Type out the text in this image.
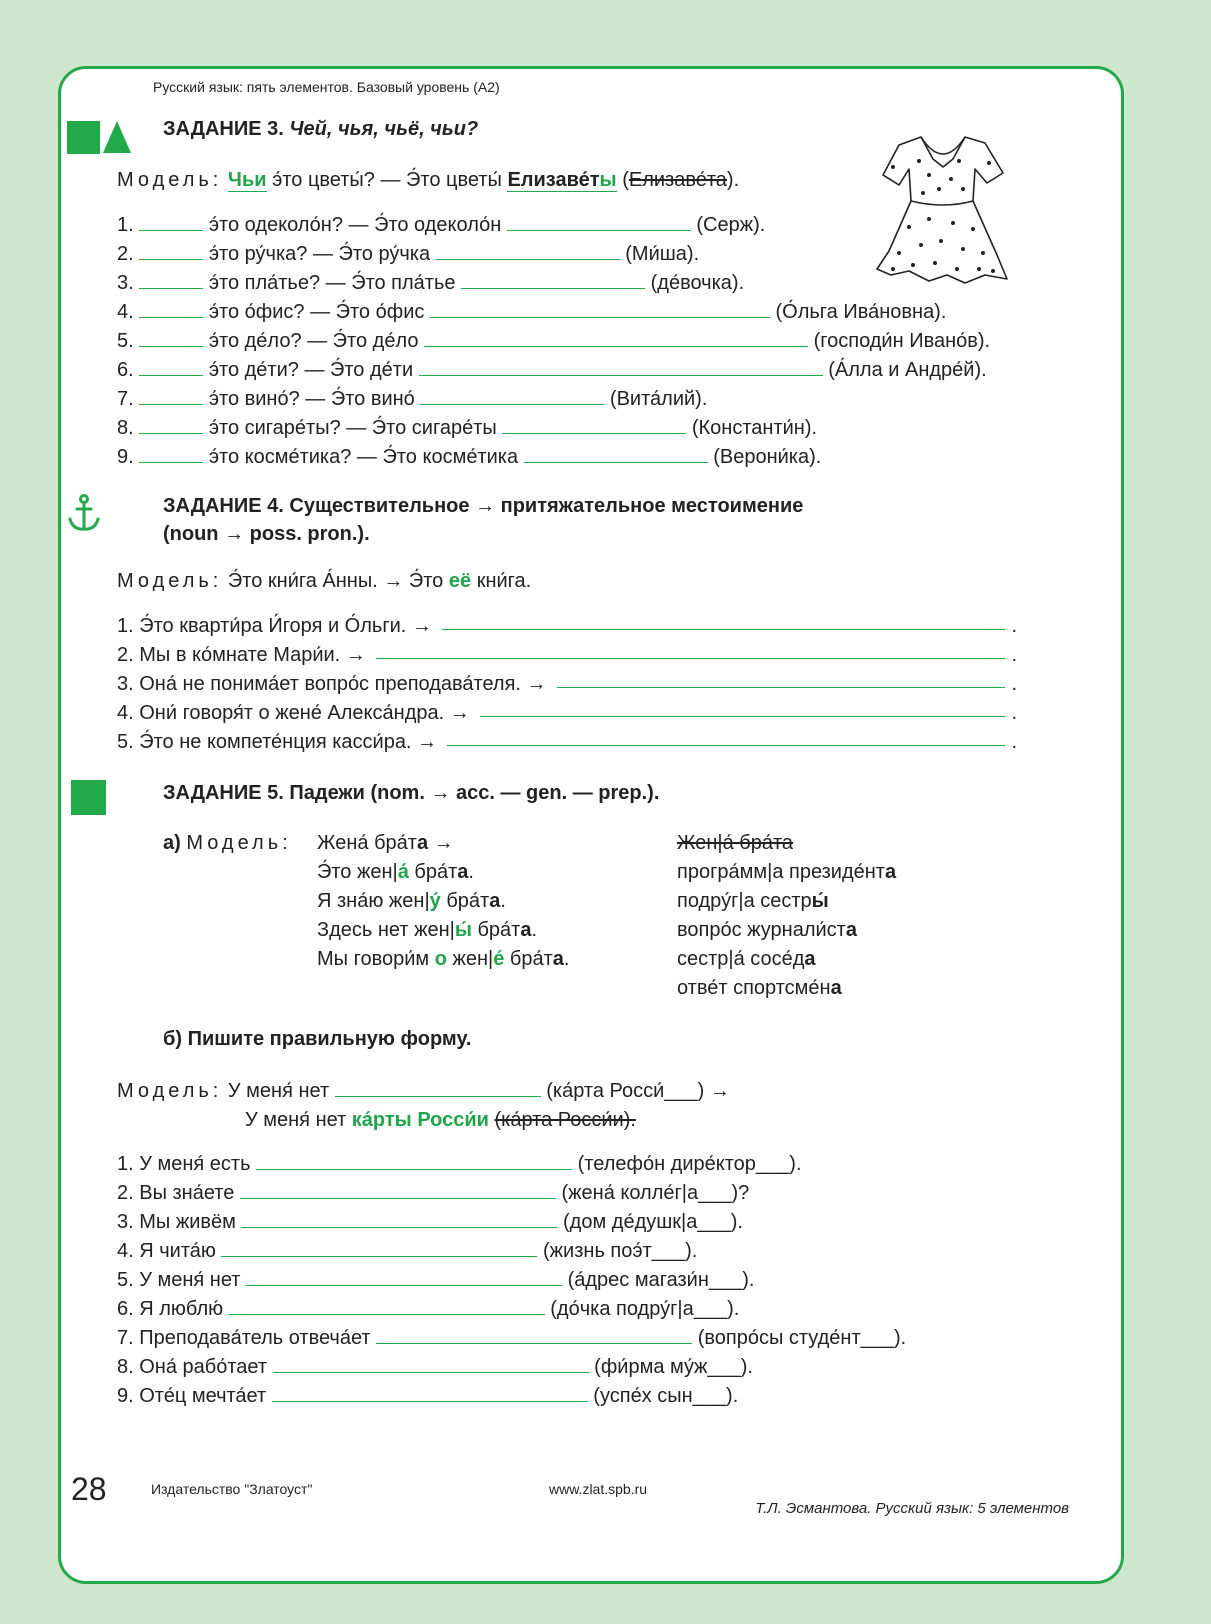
Русский язык: пять элементов. Базовый уровень (А2)
ЗАДАНИЕ 3. Чей, чья, чьё, чьи?
Модель: Чьи э́то цветы́? — Э́то цветы́ Елизаве́ты (Елизаве́та).
1.	э́то одеколо́н? — Э́то одеколо́н	(Серж).
2.	э́то ру́чка? — Э́то ру́чка	(Ми́ша).
3.	э́то пла́тье? — Э́то пла́тье	(де́вочка).
4.	э́то о́фис? — Э́то о́фис	(О́льга Ива́новна).
5.	э́то де́ло? — Э́то де́ло	(господи́н Ивано́в).
6.	э́то де́ти? — Э́то де́ти	(А́лла и Андре́й).
7.	э́то вино́? — Э́то вино́	(Вита́лий).
8.	э́то сигаре́ты? — Э́то сигаре́ты	(Константи́н).
9.	э́то косме́тика? — Э́то косме́тика	(Верони́ка).
ЗАДАНИЕ 4. Существительное → притяжательное местоимение
(noun → poss. pron.).
Модель: Э́то кни́га А́нны. → Э́то её кни́га.
1. Э́то кварти́ра И́горя и О́льги. →	.
2. Мы в ко́мнате Мари́и. →	.
3. Она́ не понима́ет вопро́с преподава́теля. →	.
4. Они́ говоря́т о жене́ Алекса́ндра. →	.
5. Э́то не компете́нция касси́ра. →	.
ЗАДАНИЕ 5. Падежи (nom. → acc. — gen. — prep.).
а) Модель: Жена́ бра́та →
Э́то жен|а́ бра́та.
Я зна́ю жен|у́ бра́та.
Здесь нет жен|ы́ бра́та.
Мы говори́м о жен|е́ бра́та.
Жен|а́ бра́та
програ́мм|а президе́нта
подру́г|а сестры́
вопро́с журнали́ста
сестр|а́ сосе́да
отве́т спортсме́на
б) Пишите правильную форму.
Модель: У меня́ нет	(ка́рта Росси́___) →
У меня́ нет ка́рты Росси́и (ка́рта Росси́и).
1. У меня́ есть	(телефо́н дире́ктор___).
2. Вы зна́ете	(жена́ колле́г|а___)?
3. Мы живём	(дом де́душк|а___).
4. Я чита́ю	(жизнь поэ́т___).
5. У меня́ нет	(а́дрес магази́н___).
6. Я люблю́	(до́чка подру́г|а___).
7. Преподава́тель отвеча́ет	(вопро́сы студе́нт___).
8. Она́ рабо́тает	(фи́рма му́ж___).
9. Оте́ц мечта́ет	(успе́х сын___).
28	Издательство "Златоуст"	www.zlat.spb.ru
Т.Л. Эсмантова. Русский язык: 5 элементов
